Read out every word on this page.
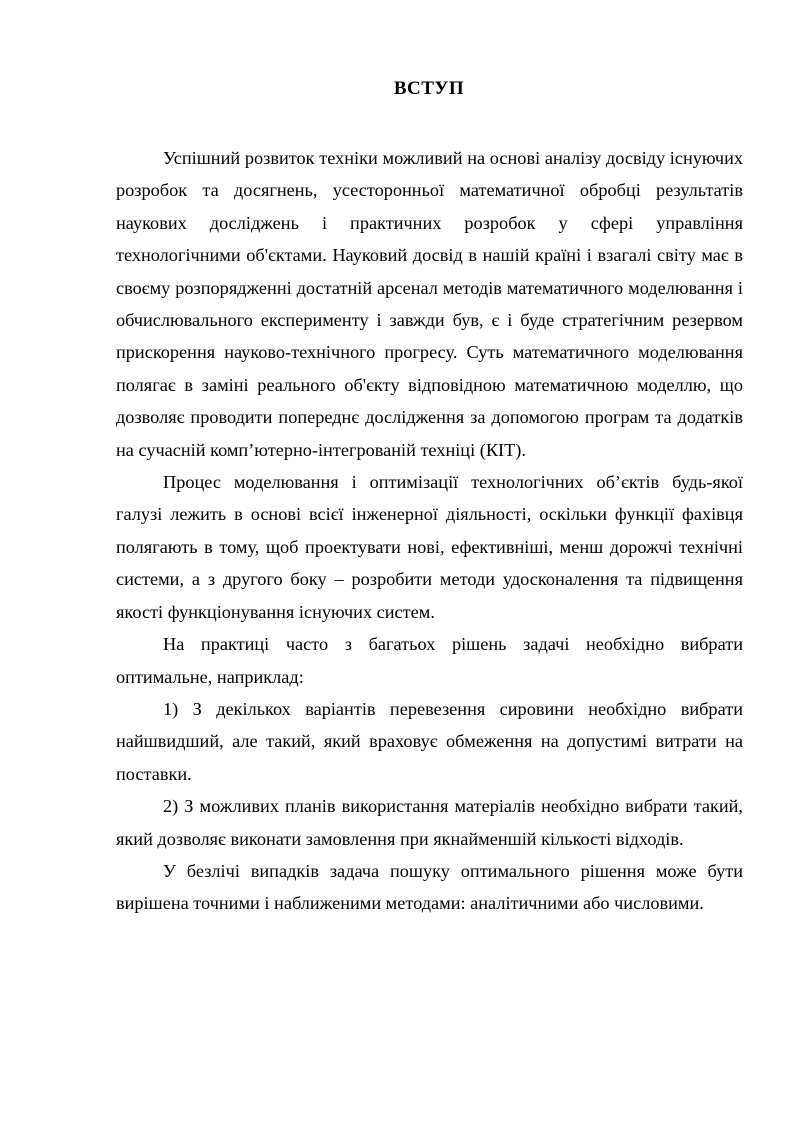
ВСТУП

Успішний розвиток техніки можливий на основі аналізу досвіду існуючих розробок та досягнень, усесторонньої математичної обробці результатів наукових досліджень і практичних розробок у сфері управління технологічними об'єктами. Науковий досвід в нашій країні і взагалі світу має в своєму розпорядженні достатній арсенал методів математичного моделювання і обчислювального експерименту і завжди був, є і буде стратегічним резервом прискорення науково-технічного прогресу. Суть математичного моделювання полягає в заміні реального об'єкту відповідною математичною моделлю, що дозволяє проводити попереднє дослідження за допомогою програм та додатків на сучасній комп’ютерно-інтегрованій техніці (КІТ).

Процес моделювання і оптимізації технологічних об’єктів будь-якої галузі лежить в основі всієї інженерної діяльності, оскільки функції фахівця полягають в тому, щоб проектувати нові, ефективніші, менш дорожчі технічні системи, а з другого боку – розробити методи удосконалення та підвищення якості функціонування існуючих систем.

На практиці часто з багатьох рішень задачі необхідно вибрати оптимальне, наприклад:

1) З декількох варіантів перевезення сировини необхідно вибрати найшвидший, але такий, який враховує обмеження на допустимі витрати на поставки.

2) З можливих планів використання матеріалів необхідно вибрати такий, який дозволяє виконати замовлення при якнайменшій кількості відходів.

У безлічі випадків задача пошуку оптимального рішення може бути вирішена точними і наближеними методами: аналітичними або числовими.
